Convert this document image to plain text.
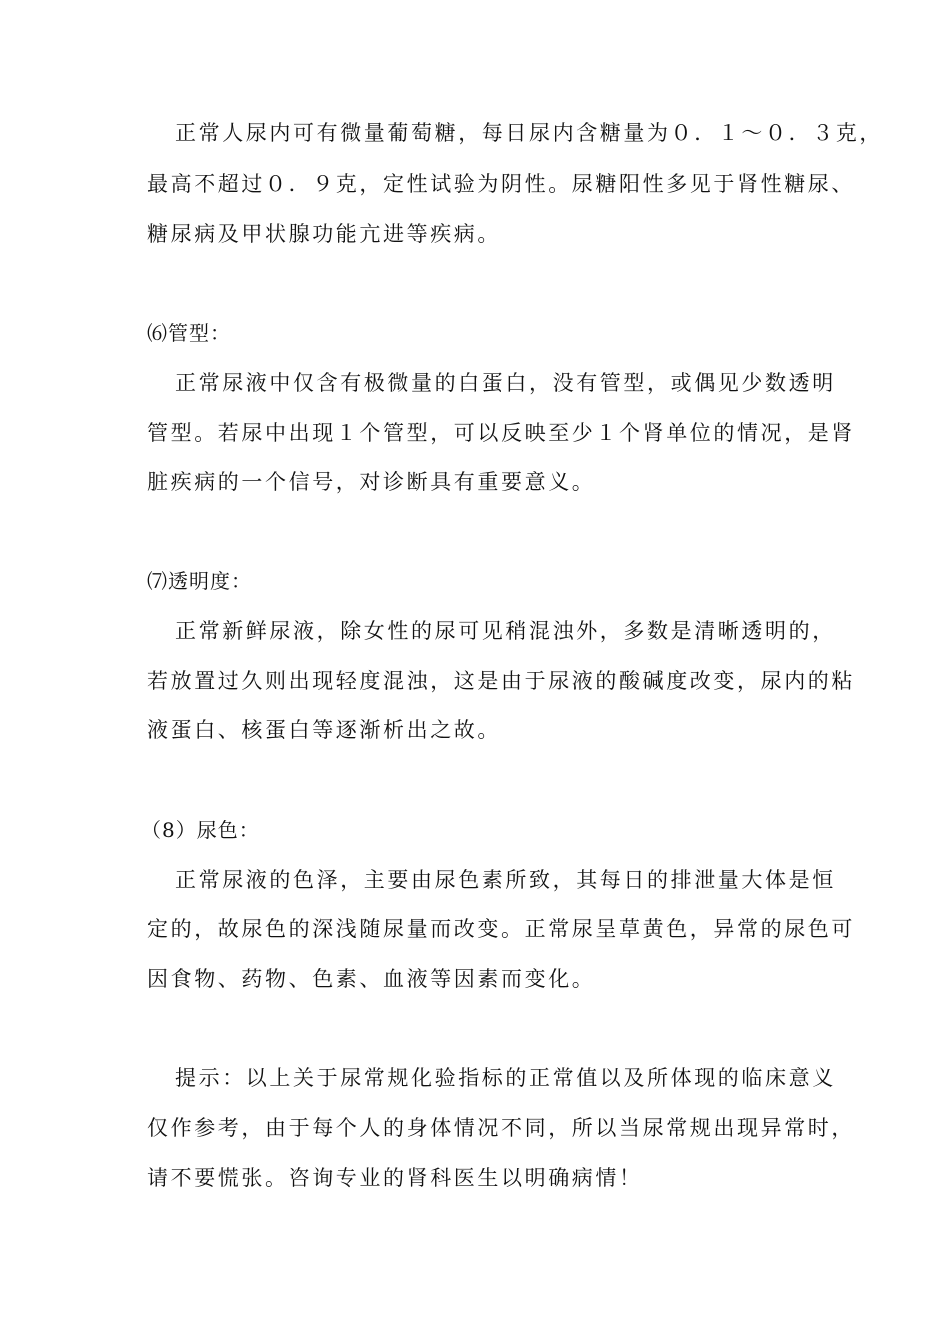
正常人尿内可有微量葡萄糖，每日尿内含糖量为０．１～０．３克，
最高不超过０．９克，定性试验为阴性。尿糖阳性多见于肾性糖尿、
糖尿病及甲状腺功能亢进等疾病。
⑹管型：
正常尿液中仅含有极微量的白蛋白，没有管型，或偶见少数透明
管型。若尿中出现１个管型，可以反映至少１个肾单位的情况，是肾
脏疾病的一个信号，对诊断具有重要意义。
⑺透明度：
正常新鲜尿液，除女性的尿可见稍混浊外，多数是清晰透明的，
若放置过久则出现轻度混浊，这是由于尿液的酸碱度改变，尿内的粘
液蛋白、核蛋白等逐渐析出之故。
（8）尿色：
正常尿液的色泽，主要由尿色素所致，其每日的排泄量大体是恒
定的，故尿色的深浅随尿量而改变。正常尿呈草黄色，异常的尿色可
因食物、药物、色素、血液等因素而变化。
提示：以上关于尿常规化验指标的正常值以及所体现的临床意义
仅作参考，由于每个人的身体情况不同，所以当尿常规出现异常时，
请不要慌张。咨询专业的肾科医生以明确病情！
